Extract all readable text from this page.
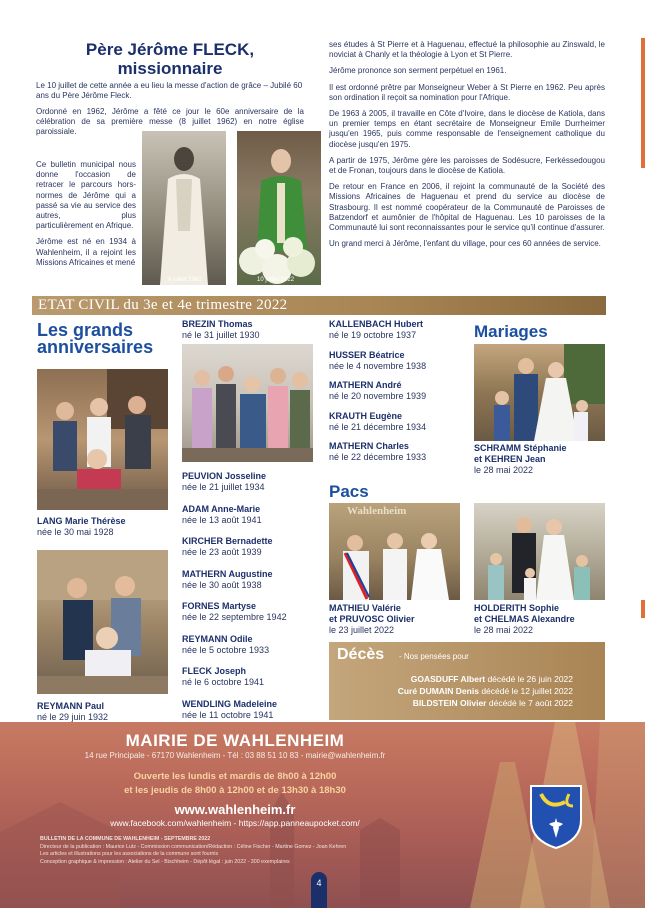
Père Jérôme FLECK,
missionnaire

Le 10 juillet de cette année a eu lieu la messe d'action de grâce – Jubilé 60 ans du Père Jérôme Fleck.

Ordonné en 1962, Jérôme a fêté ce jour le 60e anniversaire de la célébration de sa première messe (8 juillet 1962) en notre église paroissiale.

Ce bulletin municipal nous donne l'occasion de retracer le parcours hors-normes de Jérôme qui a passé sa vie au service des autres, plus particulièrement en Afrique.

Jérôme est né en 1934 à Wahlenheim, il a rejoint les Missions Africaines et mené

8 juillet 1962	10 juillet 2022

ses études à St Pierre et à Haguenau, effectué la philosophie au Zinswald, le noviciat à Chanly et la théologie à Lyon et St Pierre.

Jérôme prononce son serment perpétuel en 1961.

Il est ordonné prêtre par Monseigneur Weber à St Pierre en 1962. Peu après son ordination il reçoit sa nomination pour l'Afrique.

De 1963 à 2005, il travaille en Côte d'Ivoire, dans le diocèse de Katiola, dans un premier temps en étant secrétaire de Monseigneur Emile Durrheimer jusqu'en 1965, puis comme responsable de l'enseignement catholique du diocèse jusqu'en 1975.

A partir de 1975, Jérôme gère les paroisses de Sodésucre, Ferkéssedougou et de Fronan, toujours dans le diocèse de Katiola.

De retour en France en 2006, il rejoint la communauté de la Société des Missions Africaines de Haguenau et prend du service au diocèse de Strasbourg. Il est nommé coopérateur de la Communauté de Paroisses de Batzendorf et aumônier de l'hôpital de Haguenau. Les 10 paroisses de la Communauté lui sont reconnaissantes pour le service qu'il continue d'assurer.

Un grand merci à Jérôme, l'enfant du village, pour ces 60 années de service.

ETAT CIVIL du 3e et 4e trimestre 2022
Les grands
anniversaires
LANG Marie Thérèse
née le 30 mai 1928
REYMANN Paul
né le 29 juin 1932
BREZIN Thomas
né le 31 juillet 1930
PEUVION Josseline
née le 21 juillet 1934
ADAM Anne-Marie
née le 13 août 1941
KIRCHER Bernadette
née le 23 août 1939
MATHERN Augustine
née le 30 août 1938
FORNES Martyse
née le 22 septembre 1942
REYMANN Odile
née le 5 octobre 1933
FLECK Joseph
né le 6 octobre 1941
WENDLING Madeleine
née le 11 octobre 1941
KALLENBACH Hubert
né le 19 octobre 1937
HUSSER Béatrice
née le 4 novembre 1938
MATHERN André
né le 20 novembre 1939
KRAUTH Eugène
né le 21 décembre 1934
MATHERN Charles
né le 22 décembre 1933
Mariages
SCHRAMM Stéphanie
et KEHREN Jean
le 28 mai 2022
HOLDERITH Sophie
et CHELMAS Alexandre
le 28 mai 2022
Pacs
Wahlenheim
MATHIEU Valérie
et PRUVOSC Olivier
le 23 juillet 2022
Décès - Nos pensées pour
GOASDUFF Albert décédé le 26 juin 2022
Curé DUMAIN Denis décédé le 12 juillet 2022
BILDSTEIN Olivier décédé le 7 août 2022
MAIRIE DE WAHLENHEIM
14 rue Principale - 67170 Wahlenheim - Tél : 03 88 51 10 83 - mairie@wahlenheim.fr
Ouverte les lundis et mardis de 8h00 à 12h00
et les jeudis de 8h00 à 12h00 et de 13h30 à 18h30
www.wahlenheim.fr
www.facebook.com/wahlenheim - https://app.panneaupocket.com/
BULLETIN DE LA COMMUNE DE WAHLENHEIM - SEPTEMBRE 2022
Directeur de la publication : Maurice Lutz - Commission communication/Rédaction : Céline Fischer - Martine Gomez - Joan Kehren
Les articles et illustrations pour les associations de la commune sont fournis
Conception graphique & impression : Atelier du Sel - Bischheim - Dépôt légal : juin 2022 - 300 exemplaires
4
